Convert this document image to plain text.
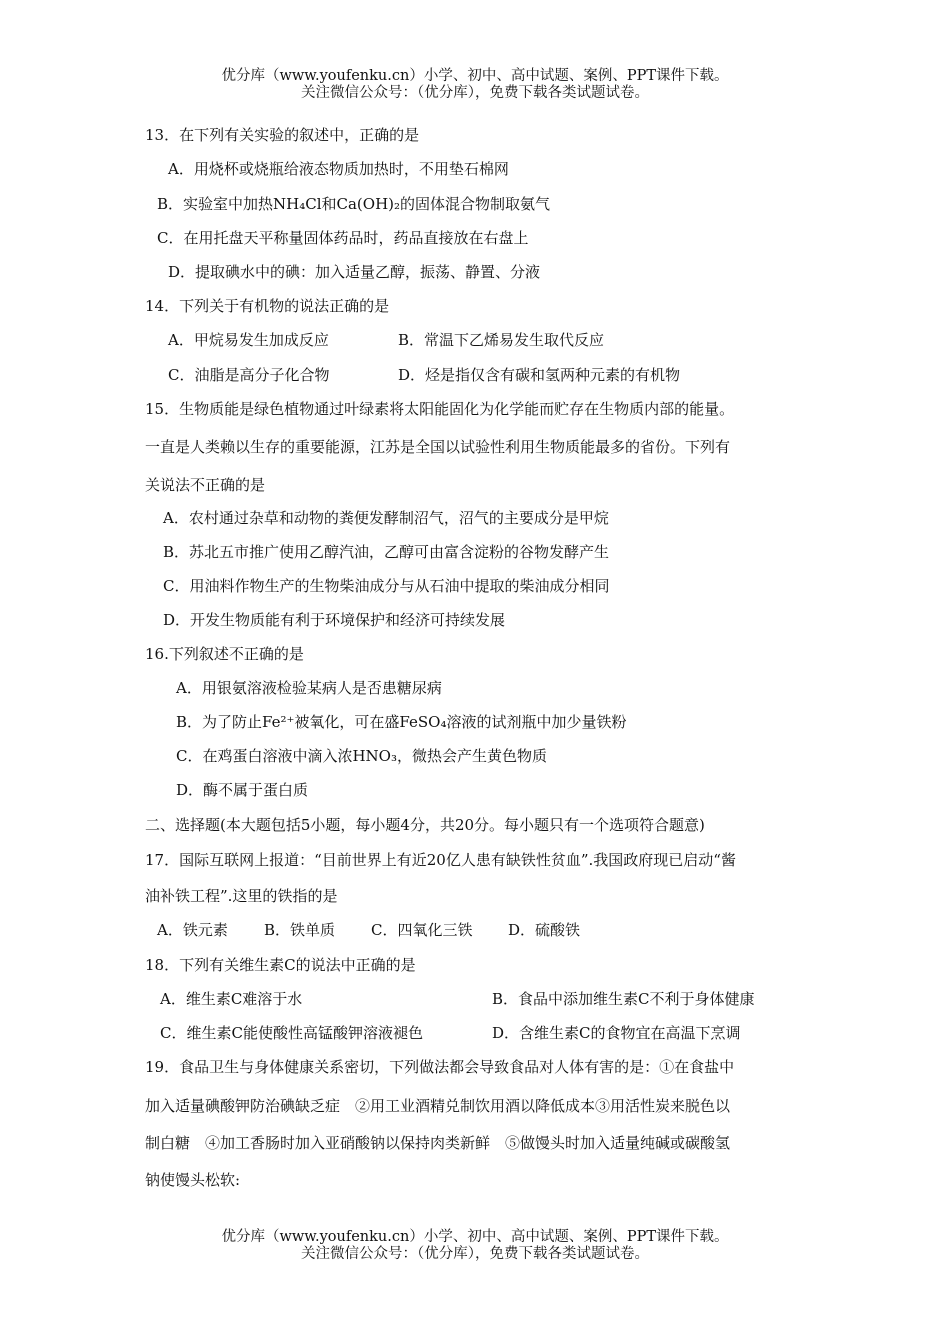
优分库（www.youfenku.cn）小学、初中、高中试题、案例、PPT课件下载。
关注微信公众号：（优分库），免费下载各类试题试卷。
13．在下列有关实验的叙述中，正确的是
A．用烧杯或烧瓶给液态物质加热时，不用垫石棉网
B．实验室中加热NH₄Cl和Ca(OH)₂的固体混合物制取氨气
C．在用托盘天平称量固体药品时，药品直接放在右盘上
D．提取碘水中的碘：加入适量乙醇，振荡、静置、分液
14．下列关于有机物的说法正确的是
A．甲烷易发生加成反应	B．常温下乙烯易发生取代反应
C．油脂是高分子化合物	D．烃是指仅含有碳和氢两种元素的有机物
15．生物质能是绿色植物通过叶绿素将太阳能固化为化学能而贮存在生物质内部的能量。
一直是人类赖以生存的重要能源，江苏是全国以试验性利用生物质能最多的省份。下列有
关说法不正确的是
A．农村通过杂草和动物的粪便发酵制沼气，沼气的主要成分是甲烷
B．苏北五市推广使用乙醇汽油，乙醇可由富含淀粉的谷物发酵产生
C．用油料作物生产的生物柴油成分与从石油中提取的柴油成分相同
D．开发生物质能有利于环境保护和经济可持续发展
16.下列叙述不正确的是
A．用银氨溶液检验某病人是否患糖尿病
B．为了防止Fe²⁺被氧化，可在盛FeSO₄溶液的试剂瓶中加少量铁粉
C．在鸡蛋白溶液中滴入浓HNO₃，微热会产生黄色物质
D．酶不属于蛋白质
二、选择题(本大题包括5小题，每小题4分，共20分。每小题只有一个选项符合题意)
17．国际互联网上报道：“目前世界上有近20亿人患有缺铁性贫血”.我国政府现已启动“酱
油补铁工程”.这里的铁指的是
A．铁元素 B．铁单质 C．四氧化三铁 D．硫酸铁
18．下列有关维生素C的说法中正确的是
A．维生素C难溶于水	B．食品中添加维生素C不利于身体健康
C．维生素C能使酸性高锰酸钾溶液褪色	D．含维生素C的食物宜在高温下烹调
19．食品卫生与身体健康关系密切，下列做法都会导致食品对人体有害的是：①在食盐中
加入适量碘酸钾防治碘缺乏症　②用工业酒精兑制饮用酒以降低成本③用活性炭来脱色以
制白糖　④加工香肠时加入亚硝酸钠以保持肉类新鲜　⑤做馒头时加入适量纯碱或碳酸氢
钠使馒头松软:
优分库（www.youfenku.cn）小学、初中、高中试题、案例、PPT课件下载。
关注微信公众号：（优分库），免费下载各类试题试卷。
